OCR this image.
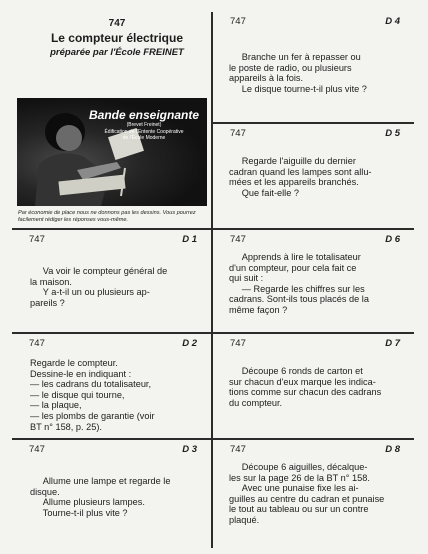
747
Le compteur électrique
préparée par l'École FREINET
Bande enseignante
(Brevet Freinet)
Édification de l'Entente Coopérative
de l'École Moderne
Par économie de place nous ne donnons pas les dessins. Vous pourrez facilement rédiger les réponses vous-même.
747	D 1
Va voir le compteur général de
la maison.
Y a-t-il un ou plusieurs ap-
pareils ?
747	D 2
Regarde le compteur.
Dessine-le en indiquant :
— les cadrans du totalisateur,
— le disque qui tourne,
— la plaque,
— les plombs de garantie (voir
BT n° 158, p. 25).
747	D 3
Allume une lampe et regarde le
disque.
Allume plusieurs lampes.
Tourne-t-il plus vite ?
747	D 4
Branche un fer à repasser ou
le poste de radio, ou plusieurs
appareils à la fois.
Le disque tourne-t-il plus vite ?
747	D 5
Regarde l'aiguille du dernier
cadran quand les lampes sont allu-
mées et les appareils branchés.
Que fait-elle ?
747	D 6
Apprends à lire le totalisateur
d'un compteur, pour cela fait ce
qui suit :
— Regarde les chiffres sur les
cadrans. Sont-ils tous placés de la
même façon ?
747	D 7
Découpe 6 ronds de carton et
sur chacun d'eux marque les indica-
tions comme sur chacun des cadrans
du compteur.
747	D 8
Découpe 6 aiguilles, décalque-
les sur la page 26 de la BT n° 158.
Avec une punaise fixe les ai-
guilles au centre du cadran et punaise
le tout au tableau ou sur un contre
plaqué.
